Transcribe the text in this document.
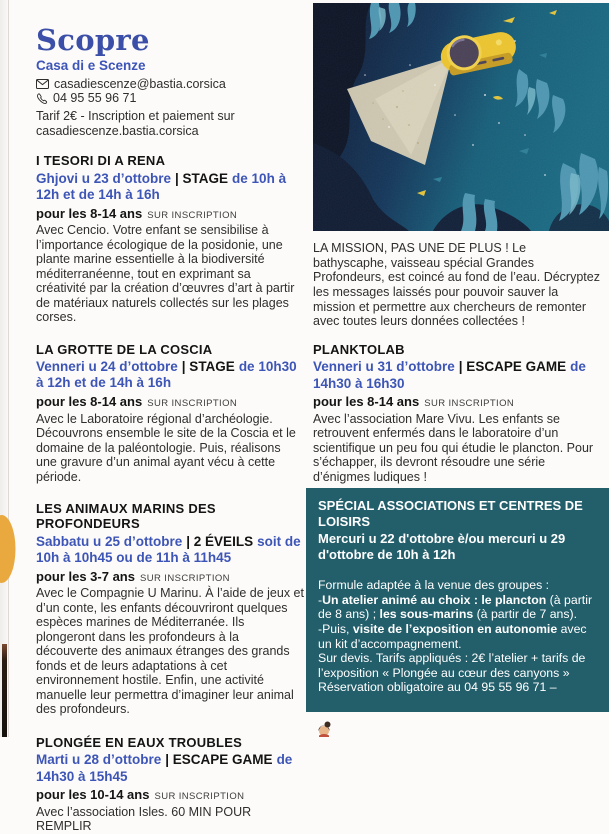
Scopre
Casa di e Scenze
casadiescenze@bastia.corsica
04 95 55 96 71
Tarif 2€ - Inscription et paiement sur casadiescenze.bastia.corsica
I TESORI DI A RENA
Ghjovi u 23 d’ottobre | STAGE de 10h à 12h et de 14h à 16h
pour les 8-14 ans SUR INSCRIPTION

Avec Cencio. Votre enfant se sensibilise à l’importance écologique de la posidonie, une plante marine essentielle à la biodiversité méditerranéenne, tout en exprimant sa créativité par la création d’œuvres d’art à partir de matériaux naturels collectés sur les plages corses.

LA GROTTE DE LA COSCIA
Venneri u 24 d’ottobre | STAGE de 10h30 à 12h et de 14h à 16h
pour les 8-14 ans SUR INSCRIPTION

Avec le Laboratoire régional d’archéologie. Découvrons ensemble le site de la Coscia et le domaine de la paléontologie. Puis, réalisons une gravure d’un animal ayant vécu à cette période.

LES ANIMAUX MARINS DES PROFONDEURS
Sabbatu u 25 d’ottobre | 2 ÉVEILS soit de 10h à 10h45 ou de 11h à 11h45
pour les 3-7 ans SUR INSCRIPTION

Avec le Compagnie U Marinu. À l’aide de jeux et d’un conte, les enfants découvriront quelques espèces marines de Méditerranée. Ils plongeront dans les profondeurs à la découverte des animaux étranges des grands fonds et de leurs adaptations à cet environnement hostile. Enfin, une activité manuelle leur permettra d’imaginer leur animal des profondeurs.

PLONGÉE EN EAUX TROUBLES
Marti u 28 d’ottobre | ESCAPE GAME de 14h30 à 15h45
pour les 10-14 ans SUR INSCRIPTION

Avec l’association Isles. 60 MIN POUR REMPLIR

LA MISSION, PAS UNE DE PLUS ! Le bathyscaphe, vaisseau spécial Grandes Profondeurs, est coincé au fond de l’eau. Décryptez les messages laissés pour pouvoir sauver la mission et permettre aux chercheurs de remonter avec toutes leurs données collectées !

PLANKTOLAB
Venneri u 31 d’ottobre | ESCAPE GAME de 14h30 à 16h30
pour les 8-14 ans SUR INSCRIPTION

Avec l’association Mare Vivu. Les enfants se retrouvent enfermés dans le laboratoire d’un scientifique un peu fou qui étudie le plancton. Pour s’échapper, ils devront résoudre une série d’énigmes ludiques !

SPÉCIAL ASSOCIATIONS ET CENTRES DE LOISIRS

Mercuri u 22 d'ottobre è/ou mercuri u 29 d'ottobre de 10h à 12h

Formule adaptée à la venue des groupes :

-Un atelier animé au choix : le plancton (à partir de 8 ans) ; les sous-marins (à partir de 7 ans).

-Puis, visite de l’exposition en autonomie avec un kit d’accompagnement.

Sur devis. Tarifs appliqués : 2€ l’atelier + tarifs de l’exposition « Plongée au cœur des canyons »

Réservation obligatoire au 04 95 55 96 71 –
